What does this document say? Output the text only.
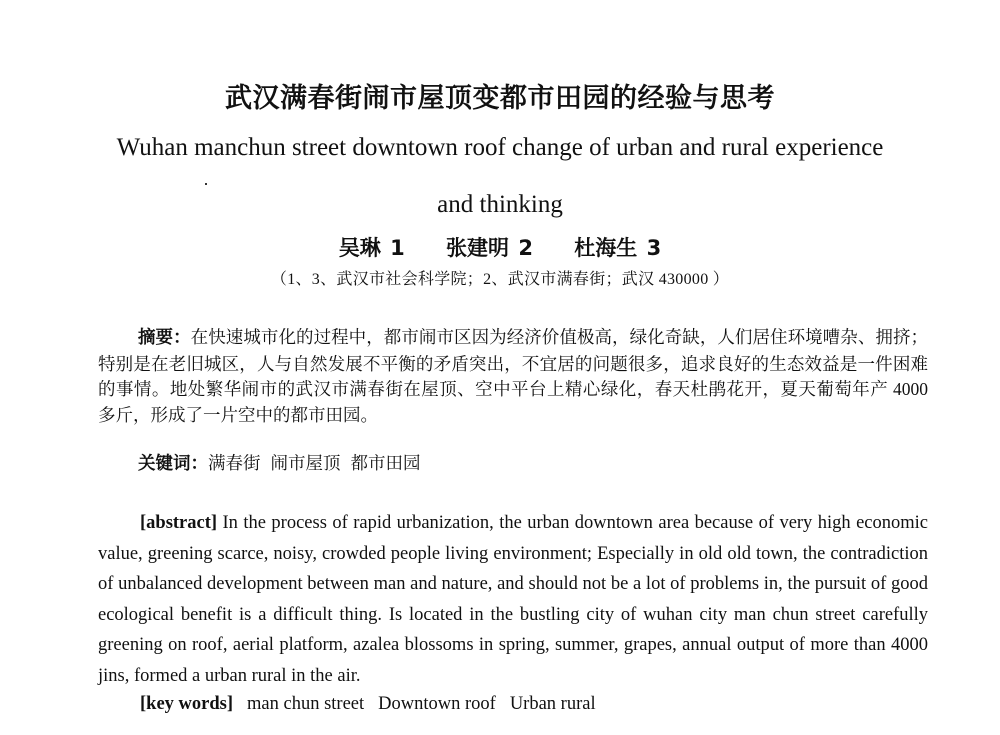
武汉满春街闹市屋顶变都市田园的经验与思考
Wuhan manchun street downtown roof change of urban and rural experience
and thinking
吴琳 1 张建明 2 杜海生 3
（1、3、武汉市社会科学院；2、武汉市满春街；武汉 430000 ）
摘要：在快速城市化的过程中，都市闹市区因为经济价值极高，绿化奇缺，人们居住环境嘈杂、拥挤；特别是在老旧城区，人与自然发展不平衡的矛盾突出，不宜居的问题很多，追求良好的生态效益是一件困难的事情。地处繁华闹市的武汉市满春街在屋顶、空中平台上精心绿化，春天杜鹃花开，夏天葡萄年产 4000 多斤，形成了一片空中的都市田园。
关键词：满春街 闹市屋顶 都市田园
[abstract] In the process of rapid urbanization, the urban downtown area because of very high economic value, greening scarce, noisy, crowded people living environment; Especially in old old town, the contradiction of unbalanced development between man and nature, and should not be a lot of problems in, the pursuit of good ecological benefit is a difficult thing. Is located in the bustling city of wuhan city man chun street carefully greening on roof, aerial platform, azalea blossoms in spring, summer, grapes, annual output of more than 4000 jins, formed a urban rural in the air.
[key words] man chun street Downtown roof Urban rural
